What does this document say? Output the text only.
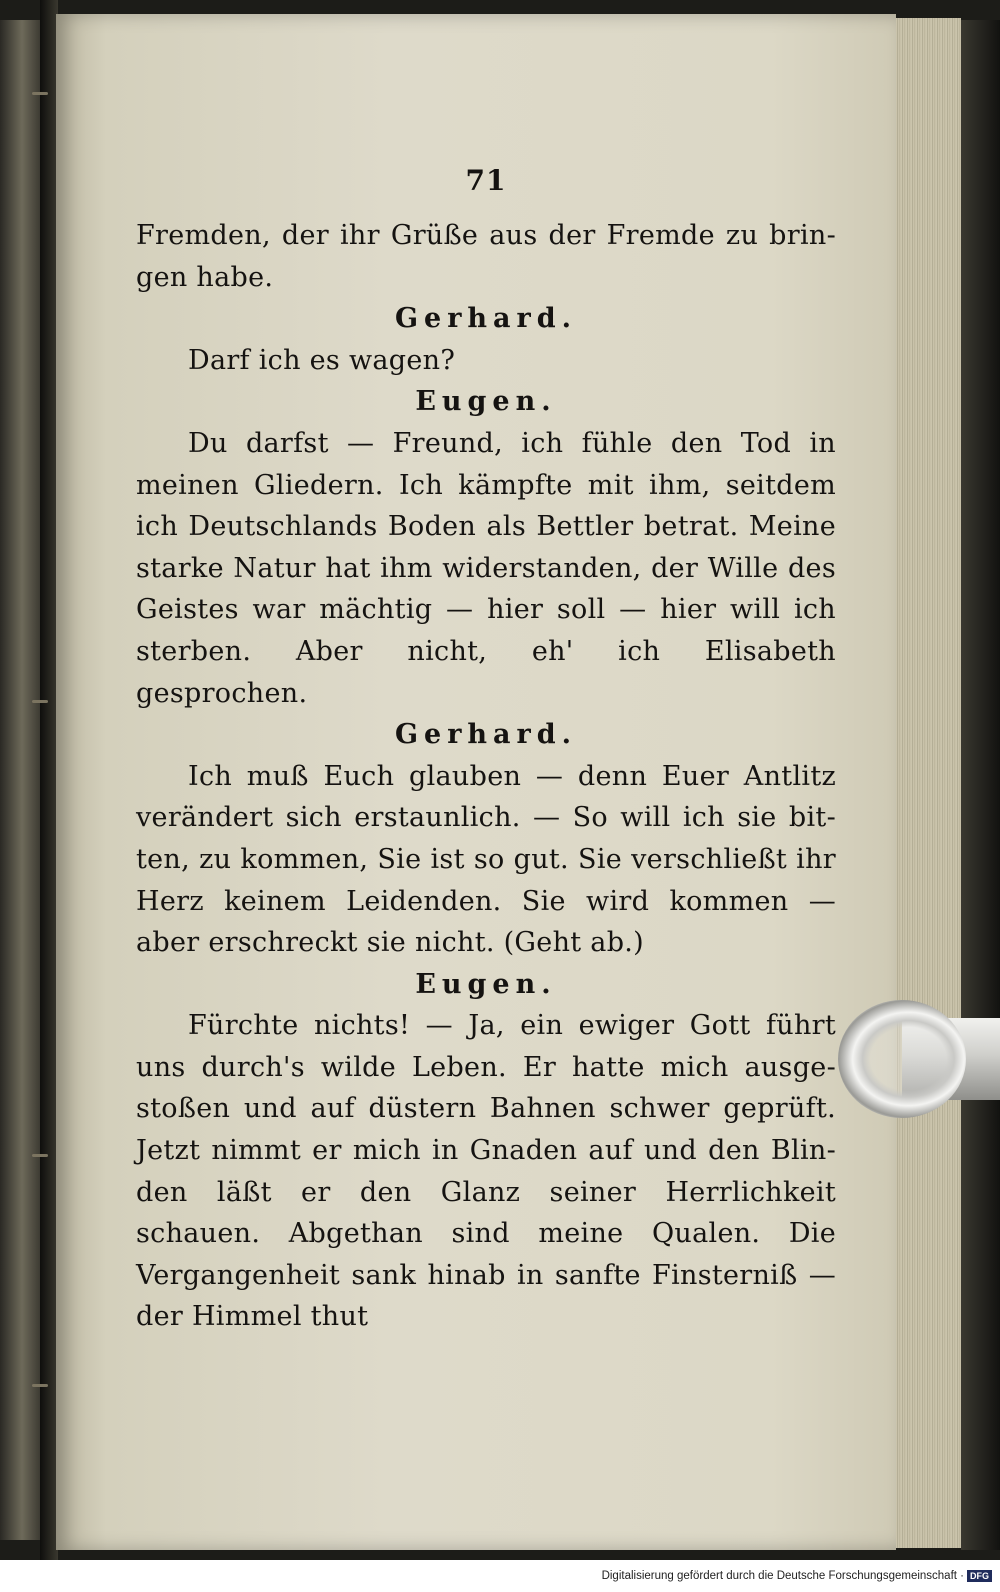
71

Fremden, der ihr Grüße aus der Fremde zu brin-gen habe.

Gerhard.

Darf ich es wagen?

Eugen.

Du darfst — Freund, ich fühle den Tod in meinen Gliedern. Ich kämpfte mit ihm, seitdem ich Deutschlands Boden als Bettler betrat. Meine starke Natur hat ihm widerstanden, der Wille des Geistes war mächtig — hier soll — hier will ich sterben. Aber nicht, eh' ich Elisabeth gesprochen.

Gerhard.

Ich muß Euch glauben — denn Euer Antlitz verändert sich erstaunlich. — So will ich sie bit-ten, zu kommen, Sie ist so gut. Sie verschließt ihr Herz keinem Leidenden. Sie wird kommen — aber erschreckt sie nicht. (Geht ab.)

Eugen.

Fürchte nichts! — Ja, ein ewiger Gott führt uns durch's wilde Leben. Er hatte mich ausge-stoßen und auf düstern Bahnen schwer geprüft. Jetzt nimmt er mich in Gnaden auf und den Blin-den läßt er den Glanz seiner Herrlichkeit schauen. Abgethan sind meine Qualen. Die Vergangenheit sank hinab in sanfte Finsterniß — der Himmel thut

Digitalisierung gefördert durch die Deutsche Forschungsgemeinschaft · DFG
